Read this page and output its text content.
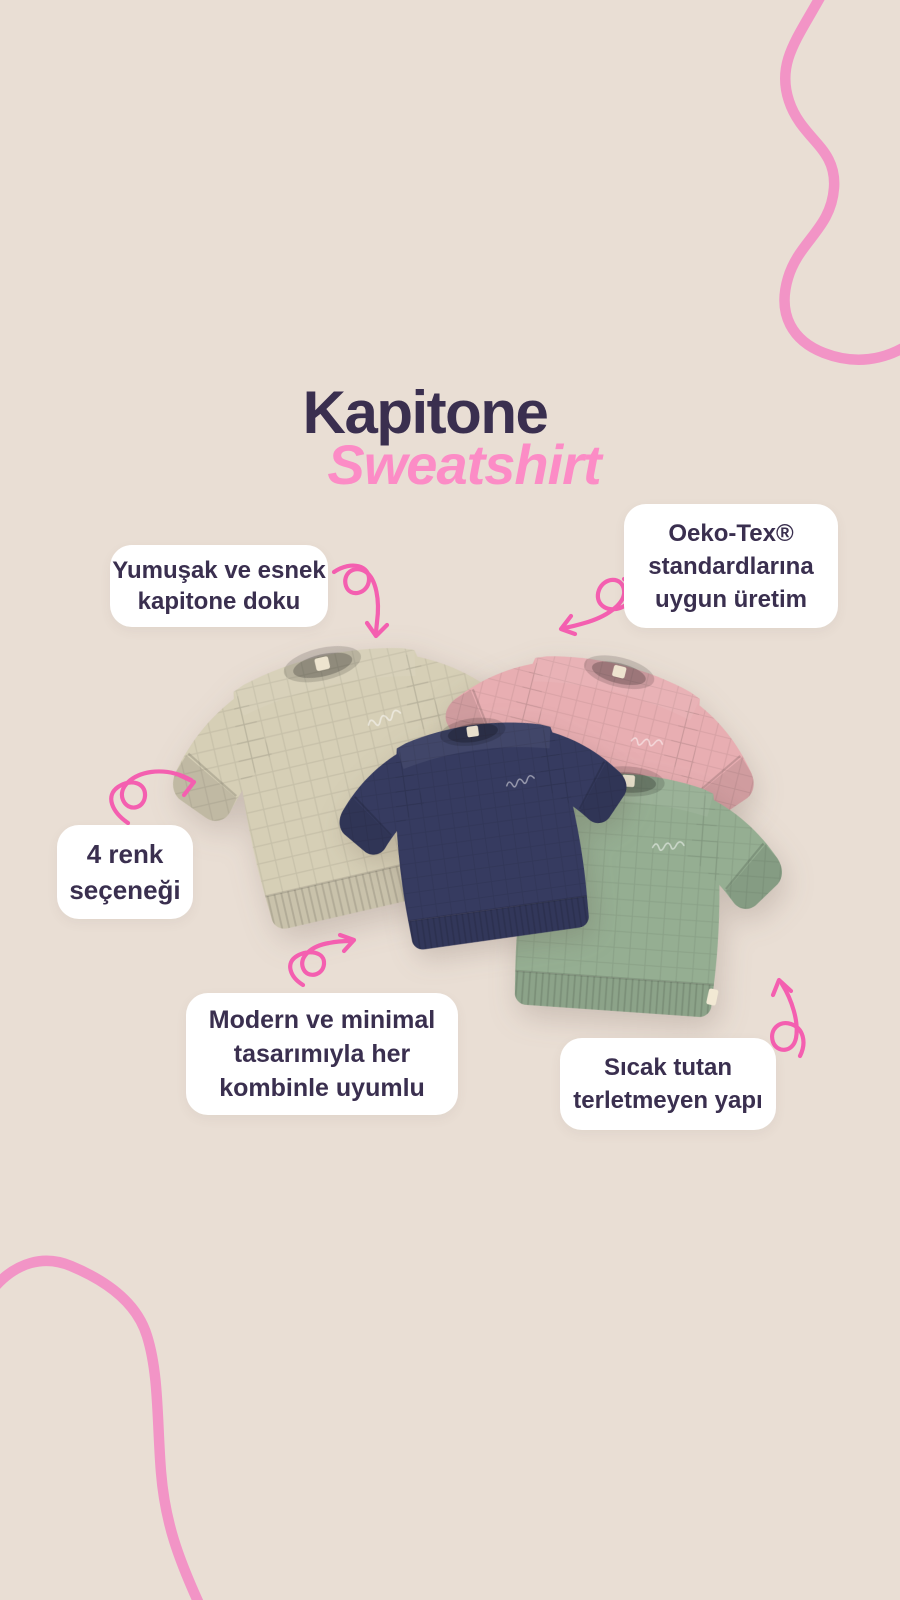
Kapitone
Sweatshirt
Yumuşak ve esnek
kapitone doku
Oeko-Tex®
standardlarına
uygun üretim
4 renk
seçeneği
Modern ve minimal
tasarımıyla her
kombinle uyumlu
Sıcak tutan
terletmeyen yapı
